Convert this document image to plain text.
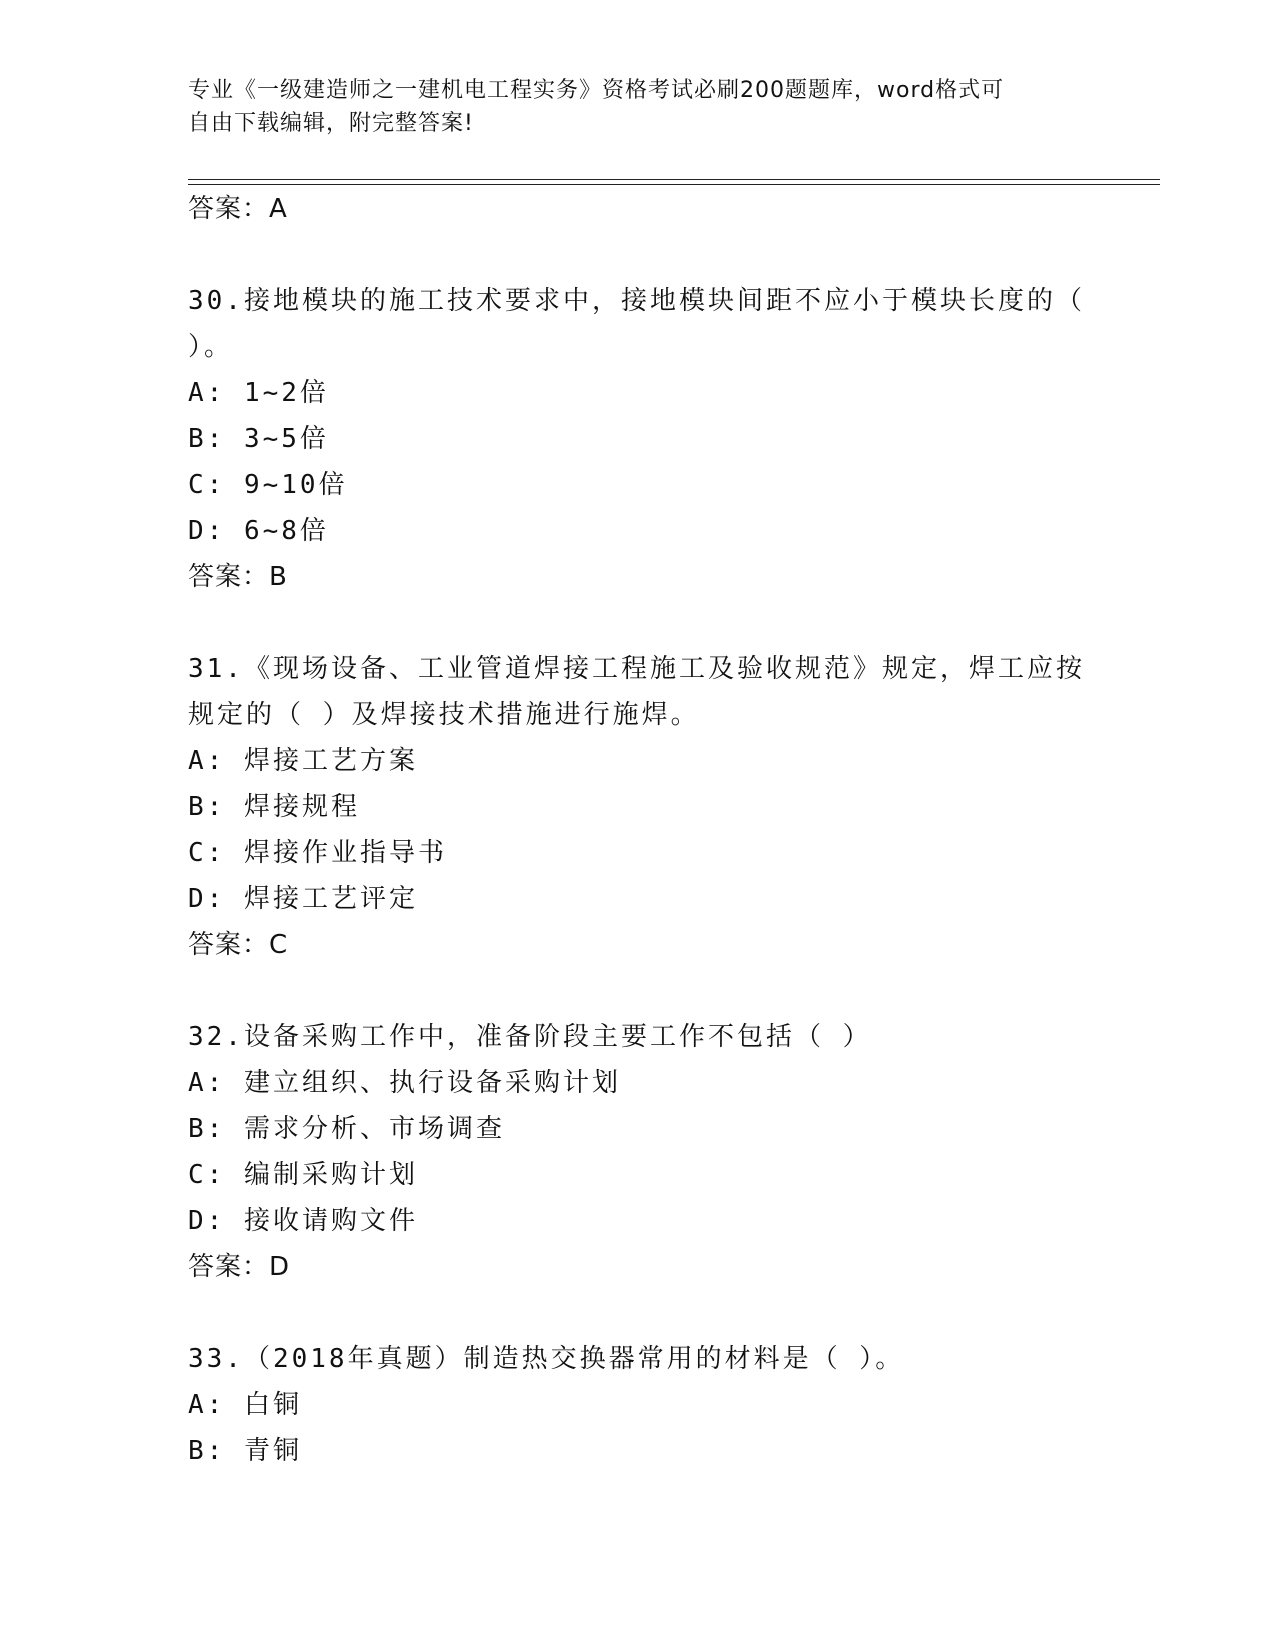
专业《一级建造师之一建机电工程实务》资格考试必刷200题题库，word格式可
自由下载编辑，附完整答案!
答案：A
30.接地模块的施工技术要求中，接地模块间距不应小于模块长度的（
）。
A: 1~2倍
B: 3~5倍
C: 9~10倍
D: 6~8倍
答案：B
31.《现场设备、工业管道焊接工程施工及验收规范》规定，焊工应按
规定的（ ）及焊接技术措施进行施焊。
A: 焊接工艺方案
B: 焊接规程
C: 焊接作业指导书
D: 焊接工艺评定
答案：C
32.设备采购工作中，准备阶段主要工作不包括（ ）
A: 建立组织、执行设备采购计划
B: 需求分析、市场调查
C: 编制采购计划
D: 接收请购文件
答案：D
33.（2018年真题）制造热交换器常用的材料是（ ）。
A: 白铜
B: 青铜
